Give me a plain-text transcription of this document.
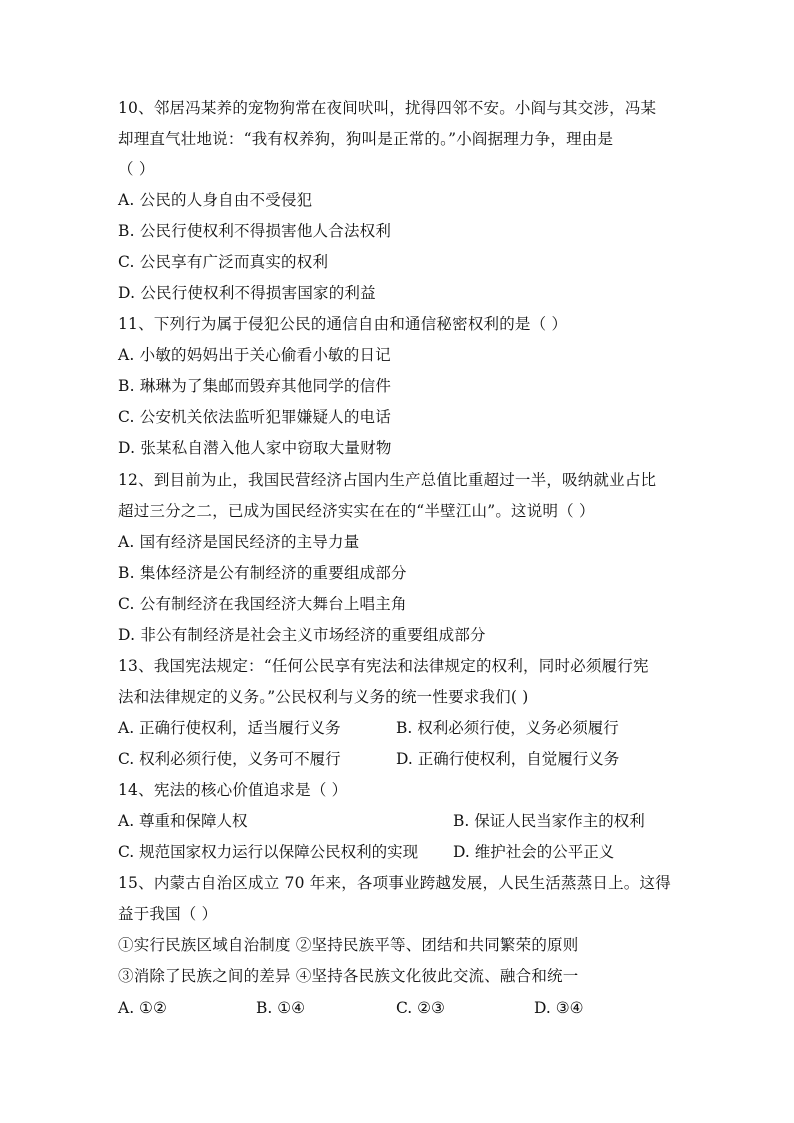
10、邻居冯某养的宠物狗常在夜间吠叫，扰得四邻不安。小阎与其交涉，冯某
却理直气壮地说：“我有权养狗，狗叫是正常的。”小阎据理力争，理由是
（ ）
A. 公民的人身自由不受侵犯
B. 公民行使权利不得损害他人合法权利
C. 公民享有广泛而真实的权利
D. 公民行使权利不得损害国家的利益
11、下列行为属于侵犯公民的通信自由和通信秘密权利的是（ ）
A. 小敏的妈妈出于关心偷看小敏的日记
B. 琳琳为了集邮而毁弃其他同学的信件
C. 公安机关依法监听犯罪嫌疑人的电话
D. 张某私自潜入他人家中窃取大量财物
12、到目前为止，我国民营经济占国内生产总值比重超过一半，吸纳就业占比
超过三分之二，已成为国民经济实实在在的“半壁江山”。这说明（ ）
A. 国有经济是国民经济的主导力量
B. 集体经济是公有制经济的重要组成部分
C. 公有制经济在我国经济大舞台上唱主角
D. 非公有制经济是社会主义市场经济的重要组成部分
13、我国宪法规定：“任何公民享有宪法和法律规定的权利，同时必须履行宪
法和法律规定的义务。”公民权利与义务的统一性要求我们( )
A. 正确行使权利，适当履行义务	B. 权利必须行使，义务必须履行
C. 权利必须行使，义务可不履行	D. 正确行使权利，自觉履行义务
14、宪法的核心价值追求是（ ）
A. 尊重和保障人权	B. 保证人民当家作主的权利
C. 规范国家权力运行以保障公民权利的实现 D. 维护社会的公平正义
15、内蒙古自治区成立 70 年来，各项事业跨越发展，人民生活蒸蒸日上。这得
益于我国（ ）
①实行民族区域自治制度 ②坚持民族平等、团结和共同繁荣的原则
③消除了民族之间的差异 ④坚持各民族文化彼此交流、融合和统一
A. ①②	B. ①④	C. ②③	D. ③④
